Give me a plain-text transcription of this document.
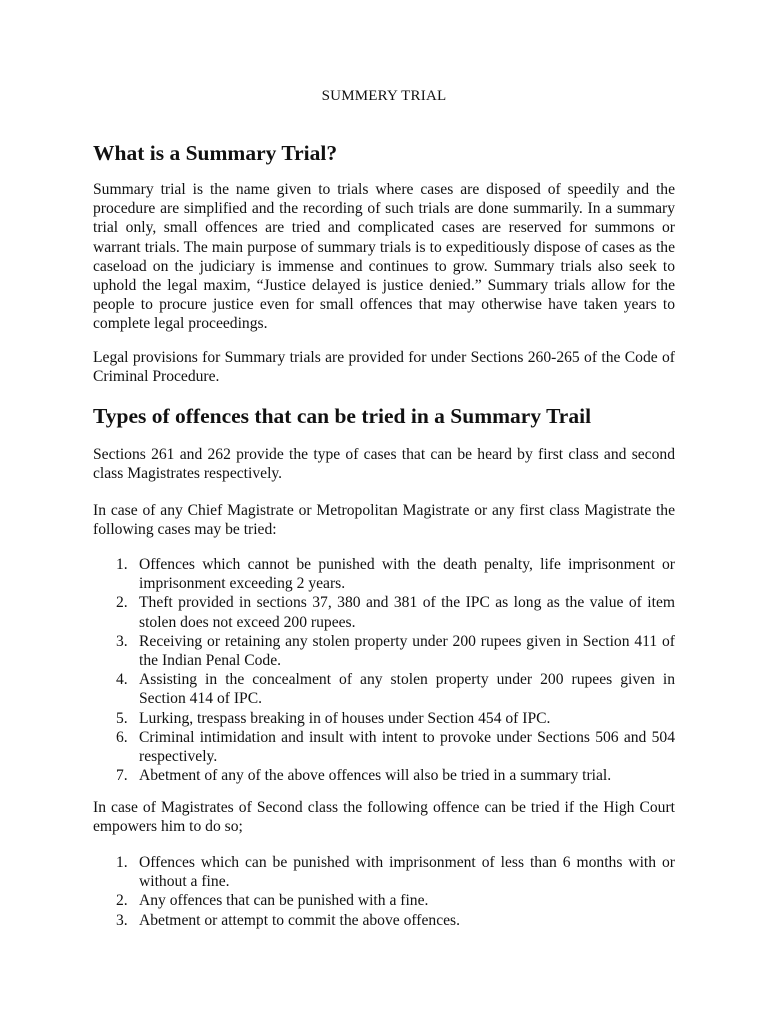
SUMMERY TRIAL
What is a Summary Trial?

Summary trial is the name given to trials where cases are disposed of speedily and the procedure are simplified and the recording of such trials are done summarily. In a summary trial only, small offences are tried and complicated cases are reserved for summons or warrant trials. The main purpose of summary trials is to expeditiously dispose of cases as the caseload on the judiciary is immense and continues to grow. Summary trials also seek to uphold the legal maxim, “Justice delayed is justice denied.” Summary trials allow for the people to procure justice even for small offences that may otherwise have taken years to complete legal proceedings.

Legal provisions for Summary trials are provided for under Sections 260-265 of the Code of Criminal Procedure.

Types of offences that can be tried in a Summary Trail

Sections 261 and 262 provide the type of cases that can be heard by first class and second class Magistrates respectively.

In case of any Chief Magistrate or Metropolitan Magistrate or any first class Magistrate the following cases may be tried:

1. Offences which cannot be punished with the death penalty, life imprisonment or imprisonment exceeding 2 years.
2. Theft provided in sections 37, 380 and 381 of the IPC as long as the value of item stolen does not exceed 200 rupees.
3. Receiving or retaining any stolen property under 200 rupees given in Section 411 of the Indian Penal Code.
4. Assisting in the concealment of any stolen property under 200 rupees given in Section 414 of IPC.
5. Lurking, trespass breaking in of houses under Section 454 of IPC.
6. Criminal intimidation and insult with intent to provoke under Sections 506 and 504 respectively.
7. Abetment of any of the above offences will also be tried in a summary trial.

In case of Magistrates of Second class the following offence can be tried if the High Court empowers him to do so;

1. Offences which can be punished with imprisonment of less than 6 months with or without a fine.
2. Any offences that can be punished with a fine.
3. Abetment or attempt to commit the above offences.
